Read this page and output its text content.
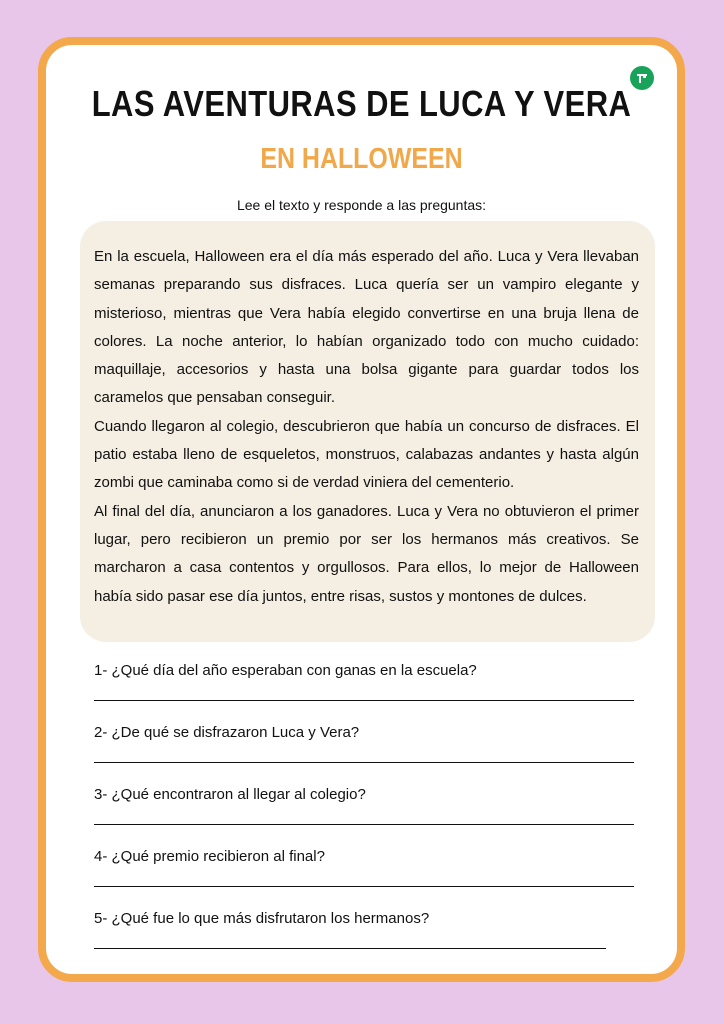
LAS AVENTURAS DE LUCA Y VERA
EN HALLOWEEN
Lee el texto y responde a las preguntas:

En la escuela, Halloween era el día más esperado del año. Luca y Vera llevaban semanas preparando sus disfraces. Luca quería ser un vampiro elegante y misterioso, mientras que Vera había elegido convertirse en una bruja llena de colores. La noche anterior, lo habían organizado todo con mucho cuidado: maquillaje, accesorios y hasta una bolsa gigante para guardar todos los caramelos que pensaban conseguir.

Cuando llegaron al colegio, descubrieron que había un concurso de disfraces. El patio estaba lleno de esqueletos, monstruos, calabazas andantes y hasta algún zombi que caminaba como si de verdad viniera del cementerio.

Al final del día, anunciaron a los ganadores. Luca y Vera no obtuvieron el primer lugar, pero recibieron un premio por ser los hermanos más creativos. Se marcharon a casa contentos y orgullosos. Para ellos, lo mejor de Halloween había sido pasar ese día juntos, entre risas, sustos y montones de dulces.

1- ¿Qué día del año esperaban con ganas en la escuela?
2- ¿De qué se disfrazaron Luca y Vera?
3- ¿Qué encontraron al llegar al colegio?
4- ¿Qué premio recibieron al final?
5- ¿Qué fue lo que más disfrutaron los hermanos?
